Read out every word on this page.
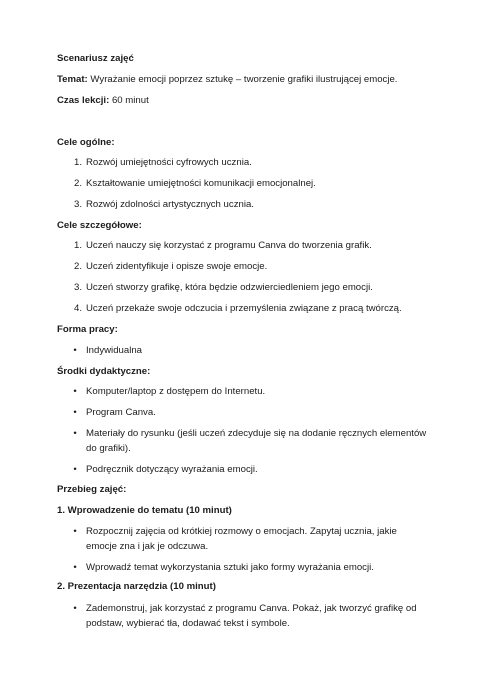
Scenariusz zajęć
Temat: Wyrażanie emocji poprzez sztukę – tworzenie grafiki ilustrującej emocje.
Czas lekcji: 60 minut
Cele ogólne:
1. Rozwój umiejętności cyfrowych ucznia.
2. Kształtowanie umiejętności komunikacji emocjonalnej.
3. Rozwój zdolności artystycznych ucznia.
Cele szczegółowe:
1. Uczeń nauczy się korzystać z programu Canva do tworzenia grafik.
2. Uczeń zidentyfikuje i opisze swoje emocje.
3. Uczeń stworzy grafikę, która będzie odzwierciedleniem jego emocji.
4. Uczeń przekaże swoje odczucia i przemyślenia związane z pracą twórczą.
Forma pracy:
• Indywidualna
Środki dydaktyczne:
• Komputer/laptop z dostępem do Internetu.
• Program Canva.
• Materiały do rysunku (jeśli uczeń zdecyduje się na dodanie ręcznych elementów do grafiki).
• Podręcznik dotyczący wyrażania emocji.
Przebieg zajęć:
1. Wprowadzenie do tematu (10 minut)
• Rozpocznij zajęcia od krótkiej rozmowy o emocjach. Zapytaj ucznia, jakie emocje zna i jak je odczuwa.
• Wprowadź temat wykorzystania sztuki jako formy wyrażania emocji.
2. Prezentacja narzędzia (10 minut)
• Zademonstruj, jak korzystać z programu Canva. Pokaż, jak tworzyć grafikę od podstaw, wybierać tła, dodawać tekst i symbole.
